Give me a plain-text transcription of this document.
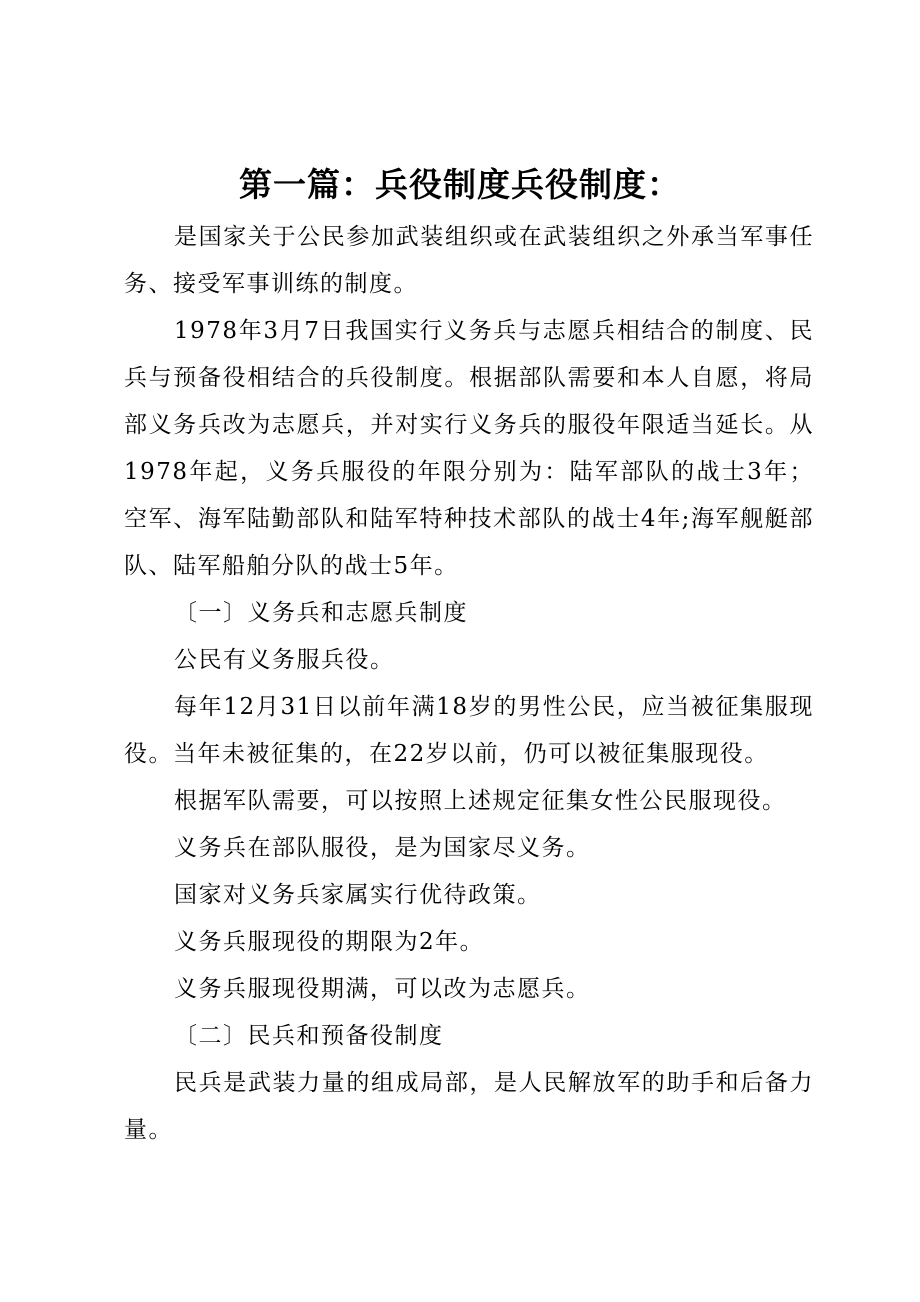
第一篇：兵役制度兵役制度：

是国家关于公民参加武装组织或在武装组织之外承当军事任务、接受军事训练的制度。

1978年3月7日我国实行义务兵与志愿兵相结合的制度、民兵与预备役相结合的兵役制度。根据部队需要和本人自愿，将局部义务兵改为志愿兵，并对实行义务兵的服役年限适当延长。从1978年起，义务兵服役的年限分别为：陆军部队的战士3年；空军、海军陆勤部队和陆军特种技术部队的战士4年;海军舰艇部队、陆军船舶分队的战士5年。

〔一〕义务兵和志愿兵制度

公民有义务服兵役。

每年12月31日以前年满18岁的男性公民，应当被征集服现役。当年未被征集的，在22岁以前，仍可以被征集服现役。

根据军队需要，可以按照上述规定征集女性公民服现役。

义务兵在部队服役，是为国家尽义务。

国家对义务兵家属实行优待政策。

义务兵服现役的期限为2年。

义务兵服现役期满，可以改为志愿兵。

〔二〕民兵和预备役制度

民兵是武装力量的组成局部，是人民解放军的助手和后备力量。
